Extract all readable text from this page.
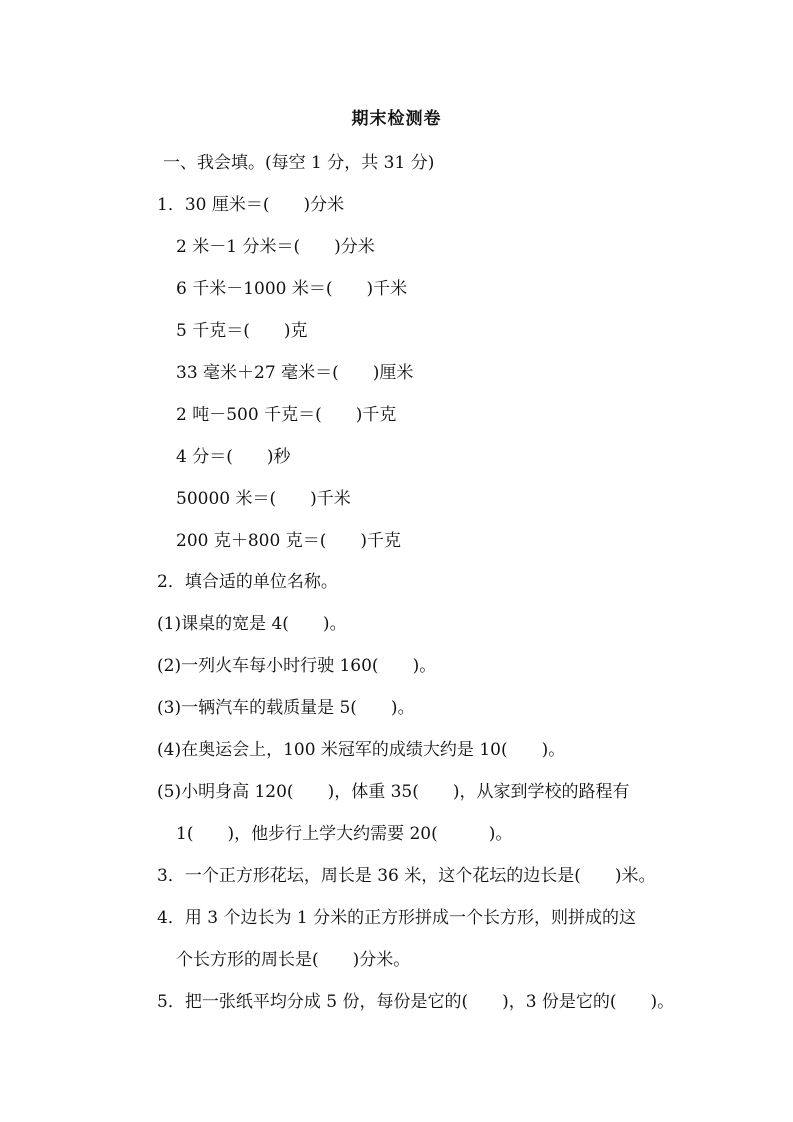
期末检测卷
一、我会填。(每空 1 分，共 31 分)
1．30 厘米＝(　　)分米
2 米－1 分米＝(　　)分米
6 千米－1000 米＝(　　)千米
5 千克＝(　　)克
33 毫米＋27 毫米＝(　　)厘米
2 吨－500 千克＝(　　)千克
4 分＝(　　)秒
50000 米＝(　　)千米
200 克＋800 克＝(　　)千克
2．填合适的单位名称。
(1)课桌的宽是 4(　　)。
(2)一列火车每小时行驶 160(　　)。
(3)一辆汽车的载质量是 5(　　)。
(4)在奥运会上，100 米冠军的成绩大约是 10(　　)。
(5)小明身高 120(　　)，体重 35(　　)，从家到学校的路程有
1(　　)，他步行上学大约需要 20(　　　)。
3．一个正方形花坛，周长是 36 米，这个花坛的边长是(　　)米。
4．用 3 个边长为 1 分米的正方形拼成一个长方形，则拼成的这
个长方形的周长是(　　)分米。
5．把一张纸平均分成 5 份，每份是它的(　　)，3 份是它的(　　)。
